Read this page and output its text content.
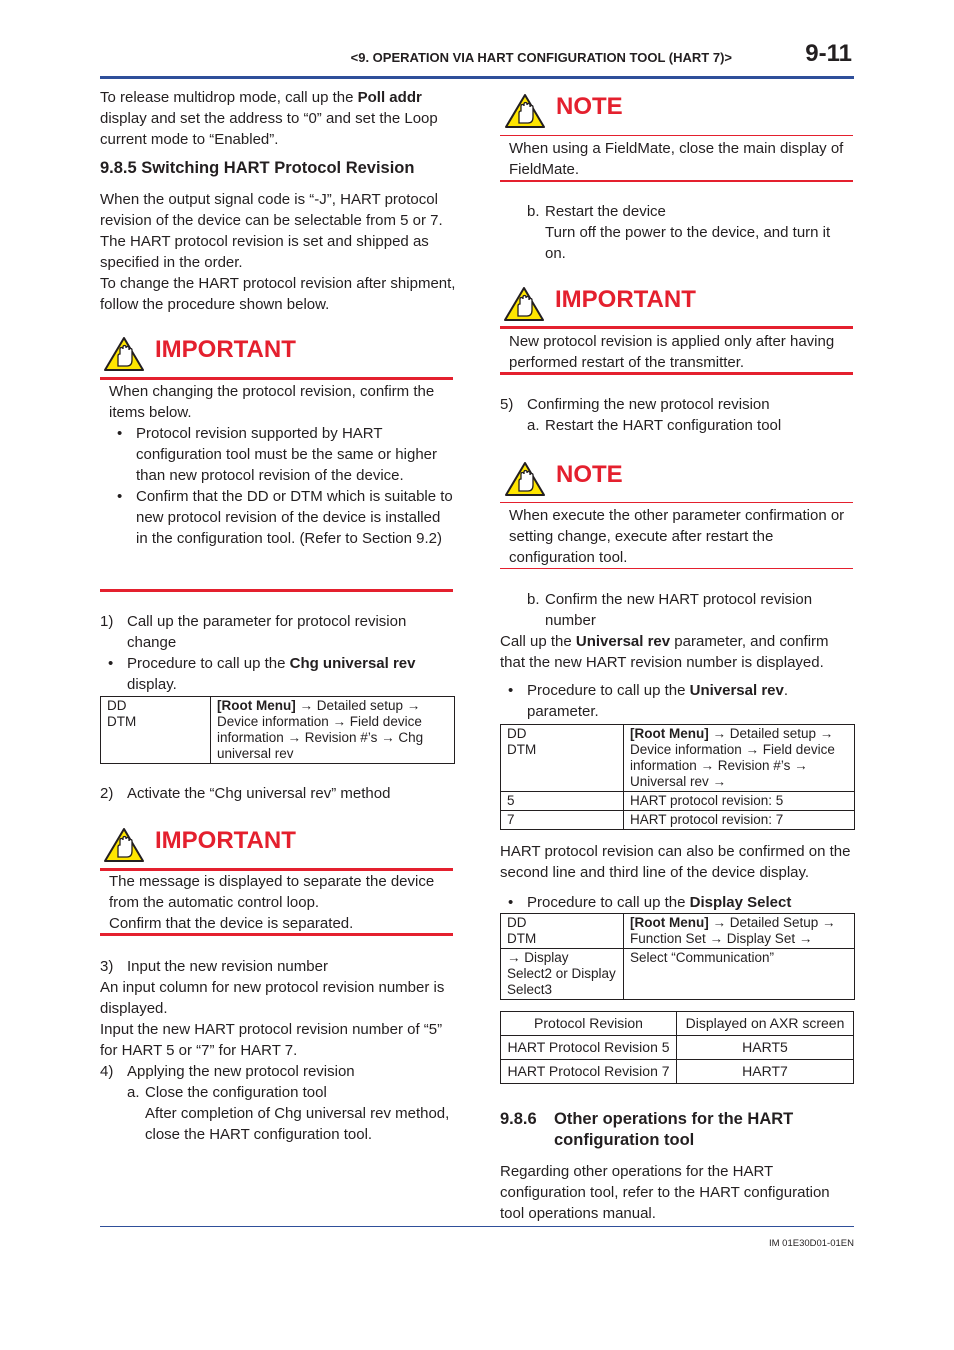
<9. OPERATION VIA HART CONFIGURATION TOOL (HART 7)>	9-11

To release multidrop mode, call up the Poll addr display and set the address to “0” and set the Loop current mode to “Enabled”.

9.8.5 Switching HART Protocol Revision

When the output signal code is “-J”, HART protocol revision of the device can be selectable from 5 or 7. The HART protocol revision is set and shipped as specified in the order.

To change the HART protocol revision after shipment, follow the procedure shown below.

IMPORTANT

When changing the protocol revision, confirm the items below.

• Protocol revision supported by HART configuration tool must be the same or higher than new protocol revision of the device.
• Confirm that the DD or DTM which is suitable to new protocol revision of the device is installed in the configuration tool. (Refer to Section 9.2)
1) Call up the parameter for protocol revision change
• Procedure to call up the Chg universal rev display.
DD
DTM
	[Root Menu] → Detailed setup → Device information → Field device information → Revision #’s → Chg universal rev
2) Activate the “Chg universal rev” method
IMPORTANT

The message is displayed to separate the device from the automatic control loop.

Confirm that the device is separated.

3) Input the new revision number

An input column for new protocol revision number is displayed.

Input the new HART protocol revision number of “5” for HART 5 or “7” for HART 7.

4) Applying the new protocol revision
a. Close the configuration tool
After completion of Chg universal rev method, close the HART configuration tool.
NOTE
When using a FieldMate, close the main display of FieldMate.
b. Restart the device
Turn off the power to the device, and turn it on.
IMPORTANT
New protocol revision is applied only after having performed restart of the transmitter.
5) Confirming the new protocol revision
a. Restart the HART configuration tool
NOTE
When execute the other parameter confirmation or setting change, execute after restart the configuration tool.
b. Confirm the new HART protocol revision number

Call up the Universal rev parameter, and confirm that the new HART revision number is displayed.

• Procedure to call up the Universal rev. parameter.
DD
DTM	[Root Menu] → Detailed setup → Device information → Field device information → Revision #’s → Universal rev →
5	HART protocol revision: 5
7	HART protocol revision: 7

HART protocol revision can also be confirmed on the second line and third line of the device display.

• Procedure to call up the Display Select
DD
DTM	[Root Menu] → Detailed Setup → Function Set → Display Set →
→ Display Select2 or Display Select3	Select “Communication”
Protocol Revision	Displayed on AXR screen
HART Protocol Revision 5	HART5
HART Protocol Revision 7	HART7
9.8.6 Other operations for the HART configuration tool
Regarding other operations for the HART configuration tool, refer to the HART configuration tool operations manual.
IM 01E30D01-01EN
